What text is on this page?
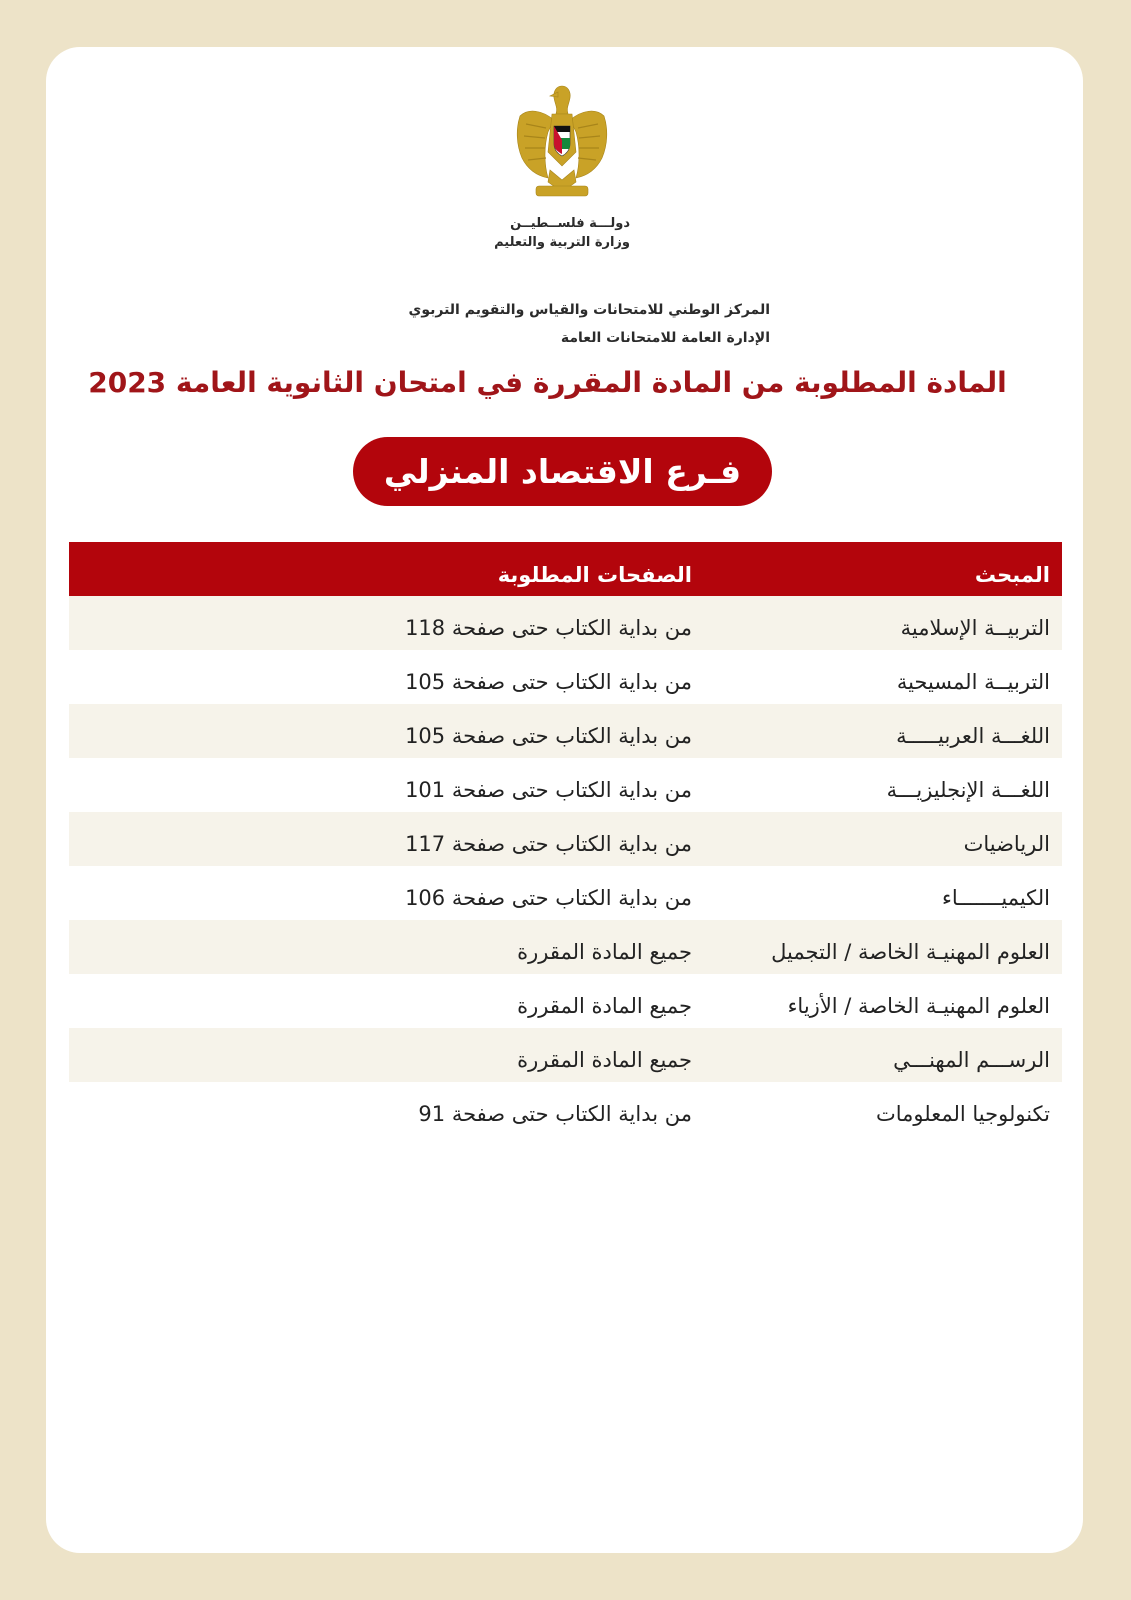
دولـــة فلســطيــن
وزارة التربية والتعليم
المركز الوطني للامتحانات والقياس والتقويم التربوي
الإدارة العامة للامتحانات العامة
المادة المطلوبة من المادة المقررة في امتحان الثانوية العامة 2023
فـرع الاقتصاد المنزلي
المبحث
الصفحات المطلوبة
التربيــة الإسلامية
من بداية الكتاب حتى صفحة 118
التربيــة المسيحية
من بداية الكتاب حتى صفحة 105
اللغـــة العربيـــــة
من بداية الكتاب حتى صفحة 105
اللغـــة الإنجليزيـــة
من بداية الكتاب حتى صفحة 101
الرياضيات
من بداية الكتاب حتى صفحة 117
الكيميـــــــاء
من بداية الكتاب حتى صفحة 106
العلوم المهنيـة الخاصة / التجميل
جميع المادة المقررة
العلوم المهنيـة الخاصة / الأزياء
جميع المادة المقررة
الرســـم المهنـــي
جميع المادة المقررة
تكنولوجيا المعلومات
من بداية الكتاب حتى صفحة 91
